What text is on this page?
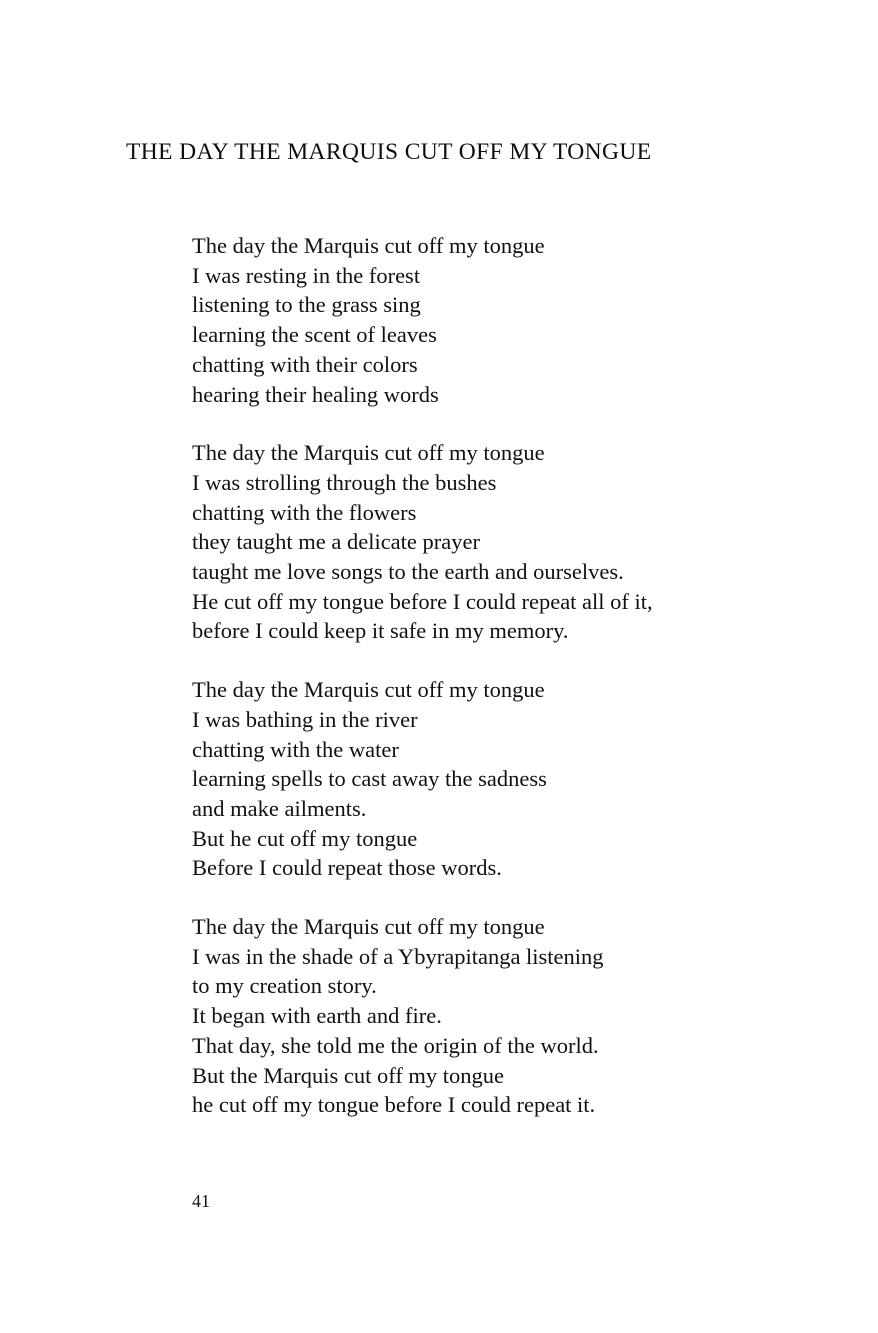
THE DAY THE MARQUIS CUT OFF MY TONGUE
The day the Marquis cut off my tongue
I was resting in the forest
listening to the grass sing
learning the scent of leaves
chatting with their colors
hearing their healing words
The day the Marquis cut off my tongue
I was strolling through the bushes
chatting with the flowers
they taught me a delicate prayer
taught me love songs to the earth and ourselves.
He cut off my tongue before I could repeat all of it,
before I could keep it safe in my memory.
The day the Marquis cut off my tongue
I was bathing in the river
chatting with the water
learning spells to cast away the sadness
and make ailments.
But he cut off my tongue
Before I could repeat those words.
The day the Marquis cut off my tongue
I was in the shade of a Ybyrapitanga listening
to my creation story.
It began with earth and fire.
That day, she told me the origin of the world.
But the Marquis cut off my tongue
he cut off my tongue before I could repeat it.
41
